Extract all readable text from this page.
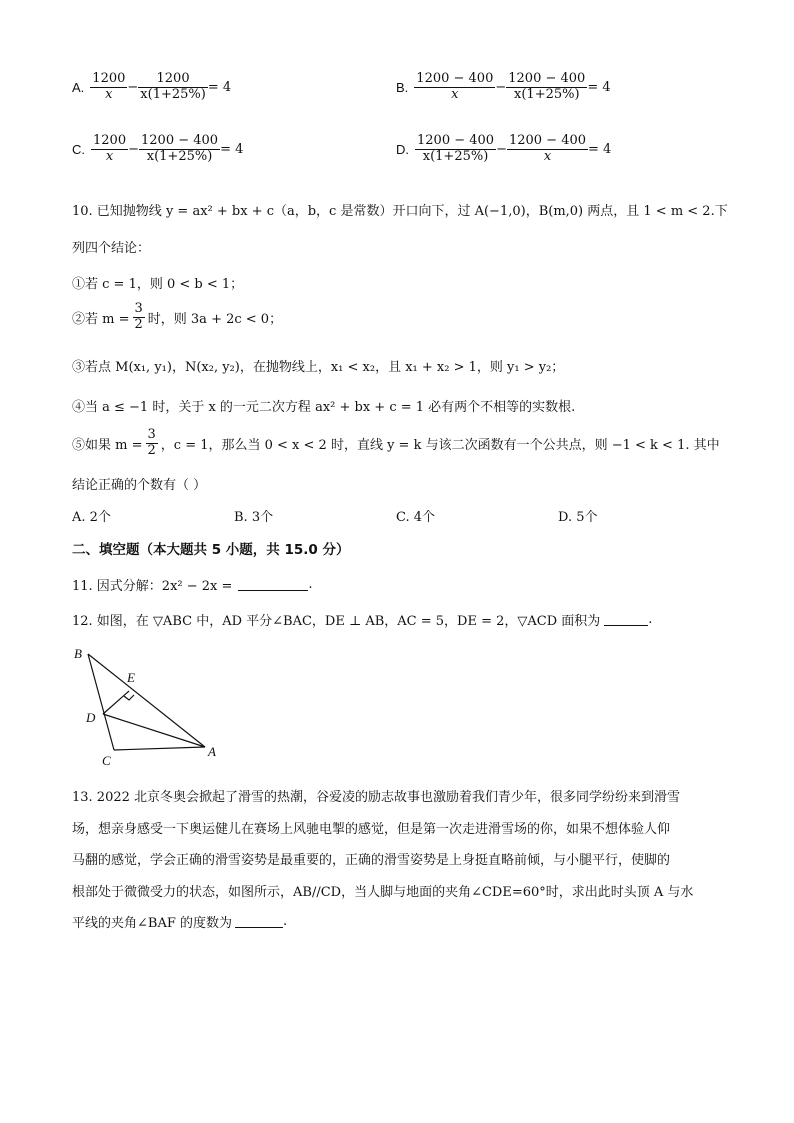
A. $\frac{1200}{x} - \frac{1200}{x(1+25\%)} = 4$	B. $\frac{1200 - 400}{x} - \frac{1200 - 400}{x(1+25\%)} = 4$
C. $\frac{1200}{x} - \frac{1200 - 400}{x(1+25\%)} = 4$	D. $\frac{1200 - 400}{x(1+25\%)} - \frac{1200 - 400}{x} = 4$
10. 已知抛物线 y = ax² + bx + c（a，b，c 是常数）开口向下，过 A(−1,0)，B(m,0) 两点，且 1 < m < 2.下
列四个结论：
①若 c = 1，则 0 < b < 1；
②若 $m = \frac{3}{2}$ 时，则 3a + 2c < 0；
③若点 M(x₁, y₁)，N(x₂, y₂)，在抛物线上，x₁ < x₂，且 x₁ + x₂ > 1，则 y₁ > y₂；
④当 a ≤ −1 时，关于 x 的一元二次方程 ax² + bx + c = 1 必有两个不相等的实数根.
⑤如果 $m = \frac{3}{2}$ ，c = 1，那么当 0 < x < 2 时，直线 y = k 与该二次函数有一个公共点，则 −1 < k < 1. 其中
结论正确的个数有（ ）
A. 2个	B. 3个	C. 4个	D. 5个
二、填空题（本大题共 5 小题，共 15.0 分）
11. 因式分解：2x² − 2x =	.
12. 如图，在 ▽ABC 中，AD 平分∠BAC，DE ⊥ AB，AC = 5，DE = 2，▽ACD 面积为	.
B
E
D
C
A
13. 2022 北京冬奥会掀起了滑雪的热潮，谷爱凌的励志故事也激励着我们青少年，很多同学纷纷来到滑雪
场，想亲身感受一下奥运健儿在赛场上风驰电掣的感觉，但是第一次走进滑雪场的你，如果不想体验人仰
马翻的感觉，学会正确的滑雪姿势是最重要的，正确的滑雪姿势是上身挺直略前倾，与小腿平行，使脚的
根部处于微微受力的状态，如图所示，AB//CD，当人脚与地面的夹角∠CDE=60°时，求出此时头顶 A 与水
平线的夹角∠BAF 的度数为	.
